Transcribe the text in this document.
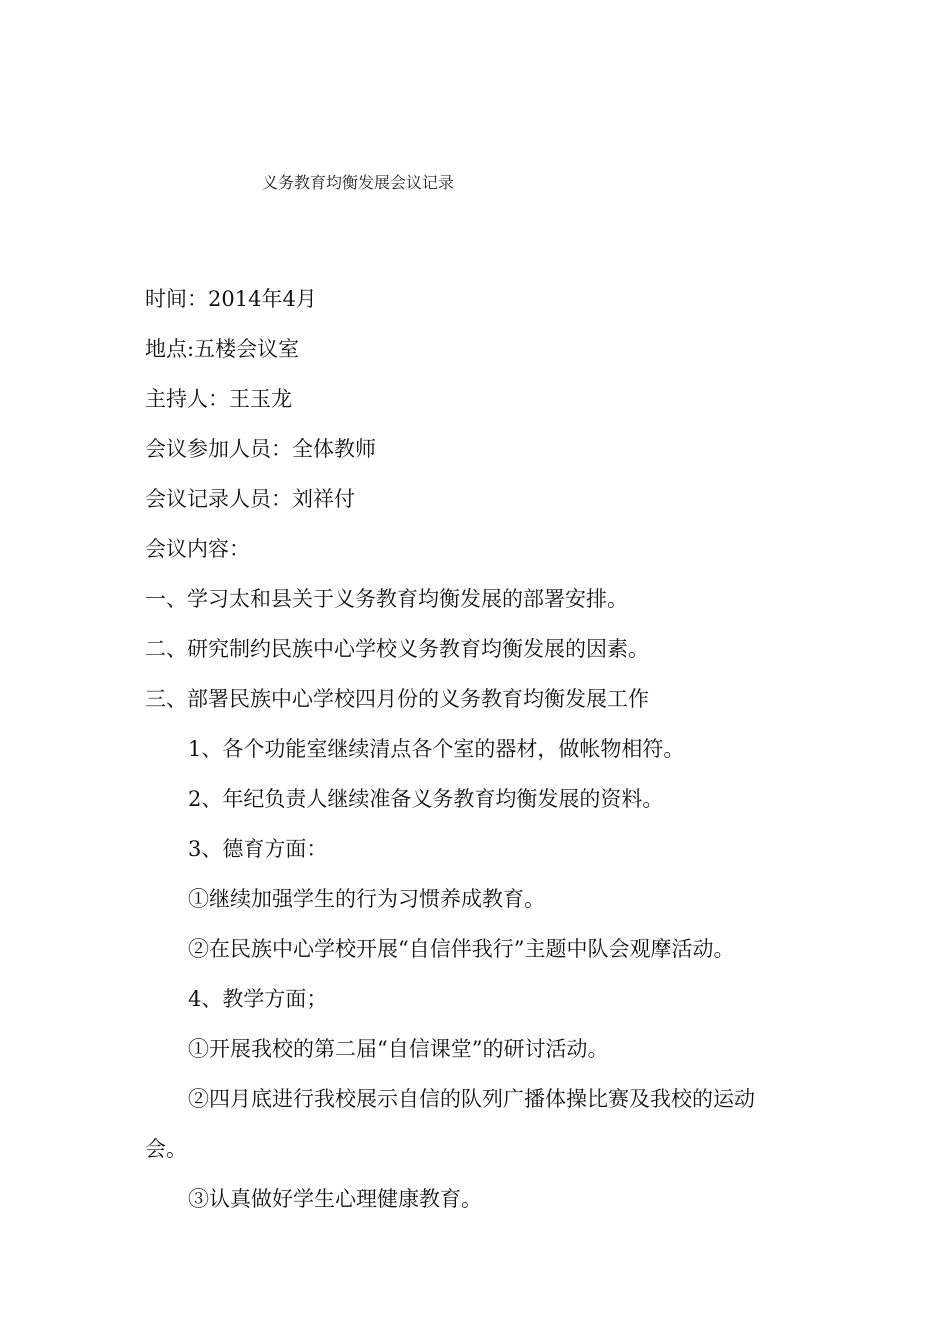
义务教育均衡发展会议记录
时间：2014年4月
地点:五楼会议室
主持人：王玉龙
会议参加人员：全体教师
会议记录人员：刘祥付
会议内容：
一、学习太和县关于义务教育均衡发展的部署安排。
二、研究制约民族中心学校义务教育均衡发展的因素。
三、部署民族中心学校四月份的义务教育均衡发展工作
1、各个功能室继续清点各个室的器材，做帐物相符。
2、年纪负责人继续准备义务教育均衡发展的资料。
3、德育方面：
①继续加强学生的行为习惯养成教育。
②在民族中心学校开展“自信伴我行”主题中队会观摩活动。
4、教学方面；
①开展我校的第二届“自信课堂”的研讨活动。
②四月底进行我校展示自信的队列广播体操比赛及我校的运动
会。
③认真做好学生心理健康教育。
